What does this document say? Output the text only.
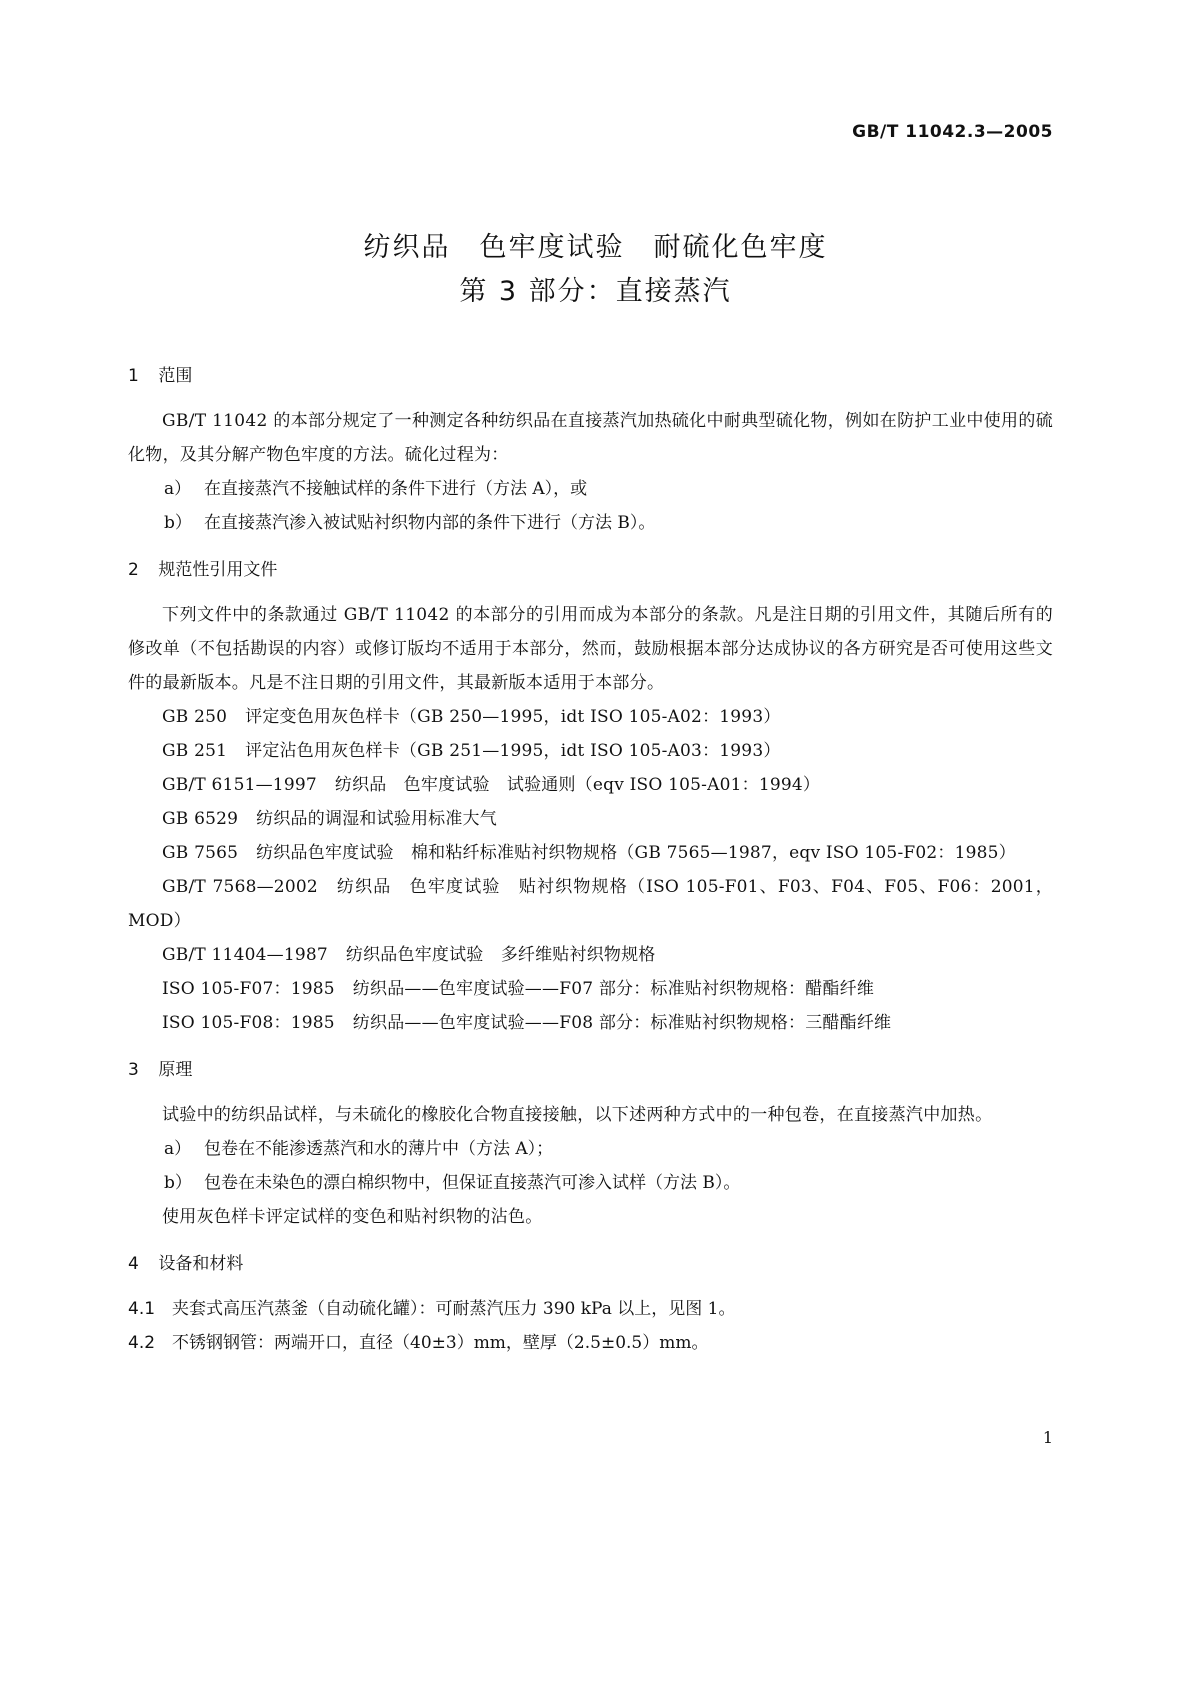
GB/T 11042.3—2005
纺织品　色牢度试验　耐硫化色牢度
第 3 部分：直接蒸汽
1 范围

GB/T 11042 的本部分规定了一种测定各种纺织品在直接蒸汽加热硫化中耐典型硫化物，例如在防护工业中使用的硫化物，及其分解产物色牢度的方法。硫化过程为：

a） 在直接蒸汽不接触试样的条件下进行（方法 A），或

b） 在直接蒸汽渗入被试贴衬织物内部的条件下进行（方法 B）。

2 规范性引用文件

下列文件中的条款通过 GB/T 11042 的本部分的引用而成为本部分的条款。凡是注日期的引用文件，其随后所有的修改单（不包括勘误的内容）或修订版均不适用于本部分，然而，鼓励根据本部分达成协议的各方研究是否可使用这些文件的最新版本。凡是不注日期的引用文件，其最新版本适用于本部分。

GB 250 评定变色用灰色样卡（GB 250—1995，idt ISO 105-A02：1993）

GB 251 评定沾色用灰色样卡（GB 251—1995，idt ISO 105-A03：1993）

GB/T 6151—1997 纺织品　色牢度试验　试验通则（eqv ISO 105-A01：1994）

GB 6529 纺织品的调湿和试验用标准大气

GB 7565 纺织品色牢度试验　棉和粘纤标准贴衬织物规格（GB 7565—1987，eqv ISO 105-F02：1985）

GB/T 7568—2002 纺织品　色牢度试验　贴衬织物规格（ISO 105-F01、F03、F04、F05、F06：2001，MOD）

GB/T 11404—1987 纺织品色牢度试验　多纤维贴衬织物规格

ISO 105-F07：1985 纺织品——色牢度试验——F07 部分：标准贴衬织物规格：醋酯纤维

ISO 105-F08：1985 纺织品——色牢度试验——F08 部分：标准贴衬织物规格：三醋酯纤维

3 原理

试验中的纺织品试样，与未硫化的橡胶化合物直接接触，以下述两种方式中的一种包卷，在直接蒸汽中加热。

a） 包卷在不能渗透蒸汽和水的薄片中（方法 A）；

b） 包卷在未染色的漂白棉织物中，但保证直接蒸汽可渗入试样（方法 B）。

使用灰色样卡评定试样的变色和贴衬织物的沾色。

4 设备和材料

4.1 夹套式高压汽蒸釜（自动硫化罐）：可耐蒸汽压力 390 kPa 以上，见图 1。

4.2 不锈钢钢管：两端开口，直径（40±3）mm，壁厚（2.5±0.5）mm。

1
